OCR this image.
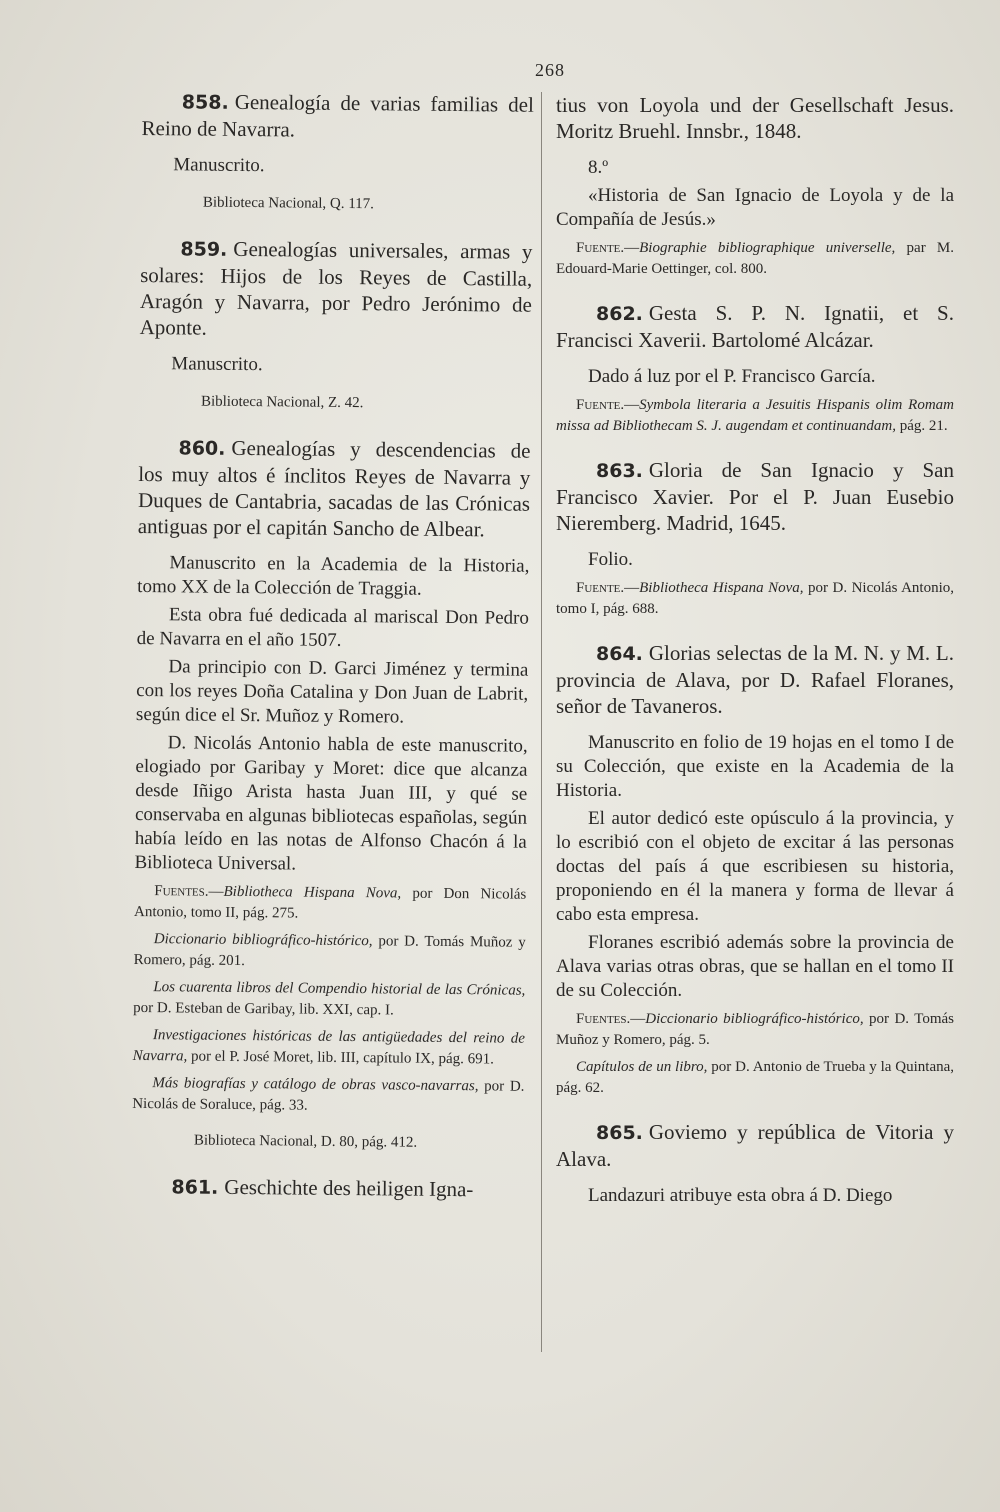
268

858. Genealogía de varias familias del Reino de Navarra.

Manuscrito.

Biblioteca Nacional, Q. 117.

859. Genealogías universales, armas y solares: Hijos de los Reyes de Castilla, Aragón y Navarra, por Pedro Jerónimo de Aponte.

Manuscrito.

Biblioteca Nacional, Z. 42.

860. Genealogías y descendencias de los muy altos é ínclitos Reyes de Navarra y Duques de Cantabria, sacadas de las Crónicas antiguas por el capitán Sancho de Albear.

Manuscrito en la Academia de la Historia, tomo XX de la Colección de Traggia.

Esta obra fué dedicada al mariscal Don Pedro de Navarra en el año 1507.

Da principio con D. Garci Jiménez y termina con los reyes Doña Catalina y Don Juan de Labrit, según dice el Sr. Muñoz y Romero.

D. Nicolás Antonio habla de este manuscrito, elogiado por Garibay y Moret: dice que alcanza desde Iñigo Arista hasta Juan III, y qué se conservaba en algunas bibliotecas españolas, según había leído en las notas de Alfonso Chacón á la Biblioteca Universal.

Fuentes.—Bibliotheca Hispana Nova, por Don Nicolás Antonio, tomo II, pág. 275.

Diccionario bibliográfico-histórico, por D. Tomás Muñoz y Romero, pág. 201.

Los cuarenta libros del Compendio historial de las Crónicas, por D. Esteban de Garibay, lib. XXI, cap. I.

Investigaciones históricas de las antigüedades del reino de Navarra, por el P. José Moret, lib. III, capítulo IX, pág. 691.

Más biografías y catálogo de obras vasco-navarras, por D. Nicolás de Soraluce, pág. 33.

Biblioteca Nacional, D. 80, pág. 412.

861. Geschichte des heiligen Igna-

tius von Loyola und der Gesellschaft Jesus. Moritz Bruehl. Innsbr., 1848.

8.º

«Historia de San Ignacio de Loyola y de la Compañía de Jesús.»

Fuente.—Biographie bibliographique universelle, par M. Edouard-Marie Oettinger, col. 800.

862. Gesta S. P. N. Ignatii, et S. Francisci Xaverii. Bartolomé Alcázar.

Dado á luz por el P. Francisco García.

Fuente.—Symbola literaria a Jesuitis Hispanis olim Romam missa ad Bibliothecam S. J. augendam et continuandam, pág. 21.

863. Gloria de San Ignacio y San Francisco Xavier. Por el P. Juan Eusebio Nieremberg. Madrid, 1645.

Folio.

Fuente.—Bibliotheca Hispana Nova, por D. Nicolás Antonio, tomo I, pág. 688.

864. Glorias selectas de la M. N. y M. L. provincia de Alava, por D. Rafael Floranes, señor de Tavaneros.

Manuscrito en folio de 19 hojas en el tomo I de su Colección, que existe en la Academia de la Historia.

El autor dedicó este opúsculo á la provincia, y lo escribió con el objeto de excitar á las personas doctas del país á que escribiesen su historia, proponiendo en él la manera y forma de llevar á cabo esta empresa.

Floranes escribió además sobre la provincia de Alava varias otras obras, que se hallan en el tomo II de su Colección.

Fuentes.—Diccionario bibliográfico-histórico, por D. Tomás Muñoz y Romero, pág. 5.

Capítulos de un libro, por D. Antonio de Trueba y la Quintana, pág. 62.

865. Goviemo y república de Vitoria y Alava.

Landazuri atribuye esta obra á D. Diego
